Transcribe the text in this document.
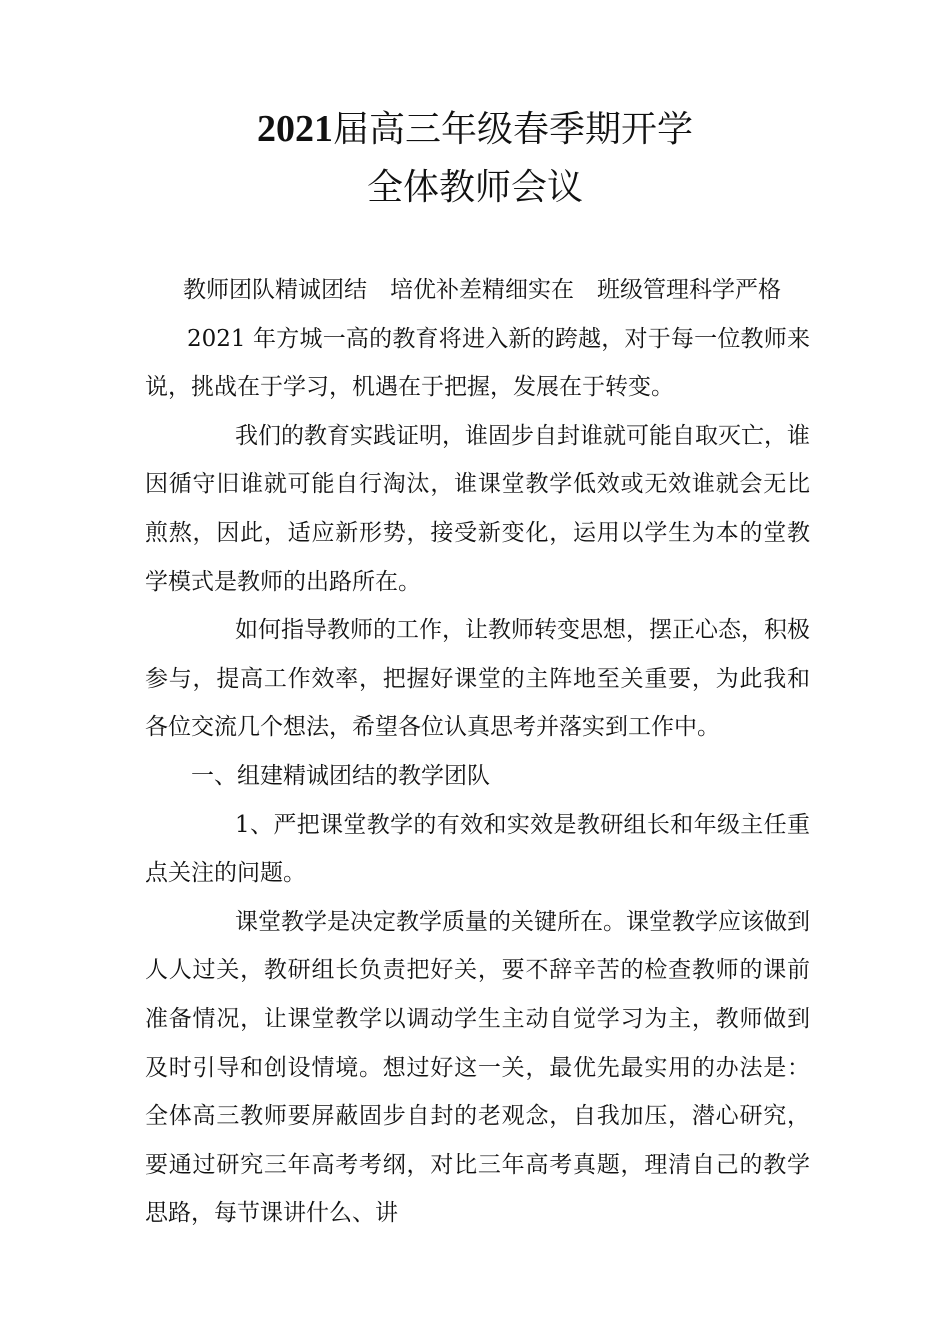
2021届高三年级春季期开学
全体教师会议

教师团队精诚团结　培优补差精细实在　班级管理科学严格

2021 年方城一高的教育将进入新的跨越，对于每一位教师来说，挑战在于学习，机遇在于把握，发展在于转变。

我们的教育实践证明，谁固步自封谁就可能自取灭亡，谁因循守旧谁就可能自行淘汰，谁课堂教学低效或无效谁就会无比煎熬，因此，适应新形势，接受新变化，运用以学生为本的堂教学模式是教师的出路所在。

如何指导教师的工作，让教师转变思想，摆正心态，积极参与，提高工作效率，把握好课堂的主阵地至关重要，为此我和各位交流几个想法，希望各位认真思考并落实到工作中。

一、组建精诚团结的教学团队

1、严把课堂教学的有效和实效是教研组长和年级主任重点关注的问题。

课堂教学是决定教学质量的关键所在。课堂教学应该做到人人过关，教研组长负责把好关，要不辞辛苦的检查教师的课前准备情况，让课堂教学以调动学生主动自觉学习为主，教师做到及时引导和创设情境。想过好这一关，最优先最实用的办法是：全体高三教师要屏蔽固步自封的老观念，自我加压，潜心研究，要通过研究三年高考考纲，对比三年高考真题，理清自己的教学思路，每节课讲什么、讲
